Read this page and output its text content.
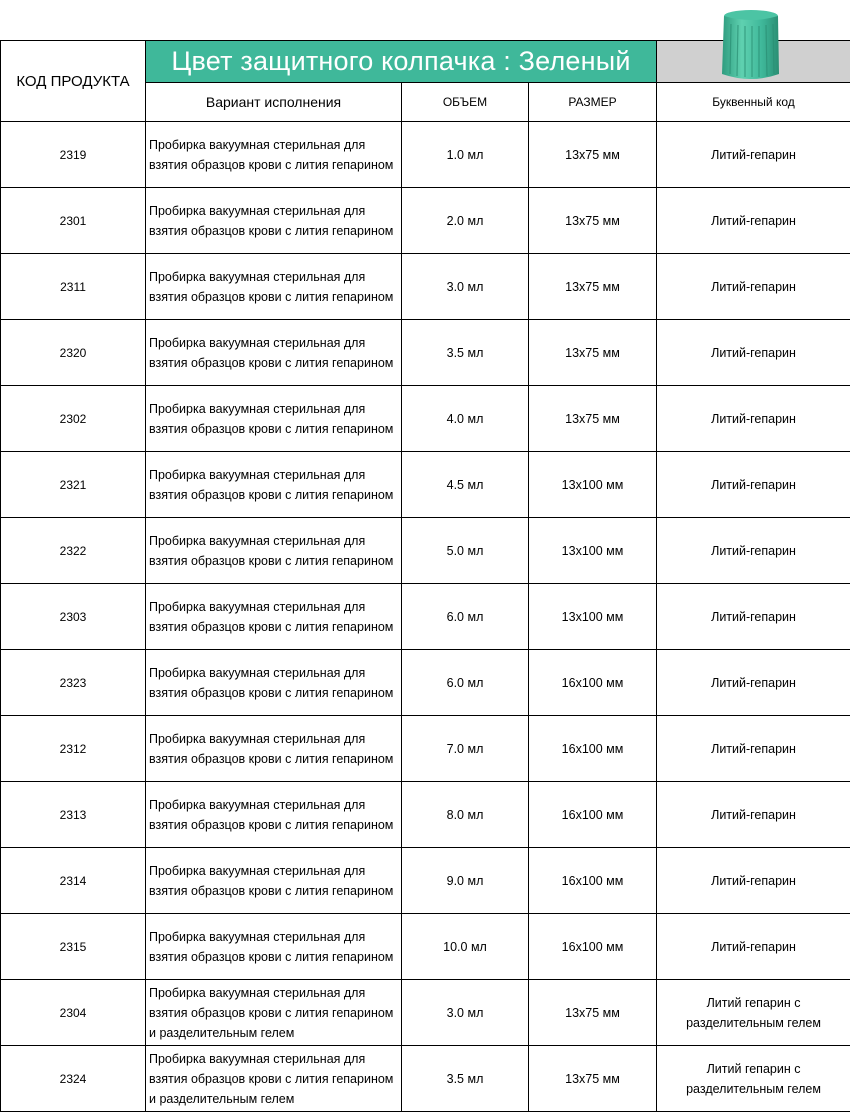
КОД ПРОДУКТА	Цвет защитного колпачка : Зеленый			
	Вариант исполнения	ОБЪЕМ	РАЗМЕР	Буквенный код
2319	Пробирка вакуумная стерильная для взятия образцов крови с лития гепарином	1.0 мл	13х75 мм	Литий-гепарин
2301	Пробирка вакуумная стерильная для взятия образцов крови с лития гепарином	2.0 мл	13х75 мм	Литий-гепарин
2311	Пробирка вакуумная стерильная для взятия образцов крови с лития гепарином	3.0 мл	13х75 мм	Литий-гепарин
2320	Пробирка вакуумная стерильная для взятия образцов крови с лития гепарином	3.5 мл	13х75 мм	Литий-гепарин
2302	Пробирка вакуумная стерильная для взятия образцов крови с лития гепарином	4.0 мл	13х75 мм	Литий-гепарин
2321	Пробирка вакуумная стерильная для взятия образцов крови с лития гепарином	4.5 мл	13х100 мм	Литий-гепарин
2322	Пробирка вакуумная стерильная для взятия образцов крови с лития гепарином	5.0 мл	13х100 мм	Литий-гепарин
2303	Пробирка вакуумная стерильная для взятия образцов крови с лития гепарином	6.0 мл	13х100 мм	Литий-гепарин
2323	Пробирка вакуумная стерильная для взятия образцов крови с лития гепарином	6.0 мл	16х100 мм	Литий-гепарин
2312	Пробирка вакуумная стерильная для взятия образцов крови с лития гепарином	7.0 мл	16х100 мм	Литий-гепарин
2313	Пробирка вакуумная стерильная для взятия образцов крови с лития гепарином	8.0 мл	16х100 мм	Литий-гепарин
2314	Пробирка вакуумная стерильная для взятия образцов крови с лития гепарином	9.0 мл	16х100 мм	Литий-гепарин
2315	Пробирка вакуумная стерильная для взятия образцов крови с лития гепарином	10.0 мл	16х100 мм	Литий-гепарин
2304	Пробирка вакуумная стерильная для взятия образцов крови с лития гепарином и разделительным гелем	3.0 мл	13х75 мм	Литий гепарин с разделительным гелем
2324	Пробирка вакуумная стерильная для взятия образцов крови с лития гепарином и разделительным гелем	3.5 мл	13х75 мм	Литий гепарин с разделительным гелем
